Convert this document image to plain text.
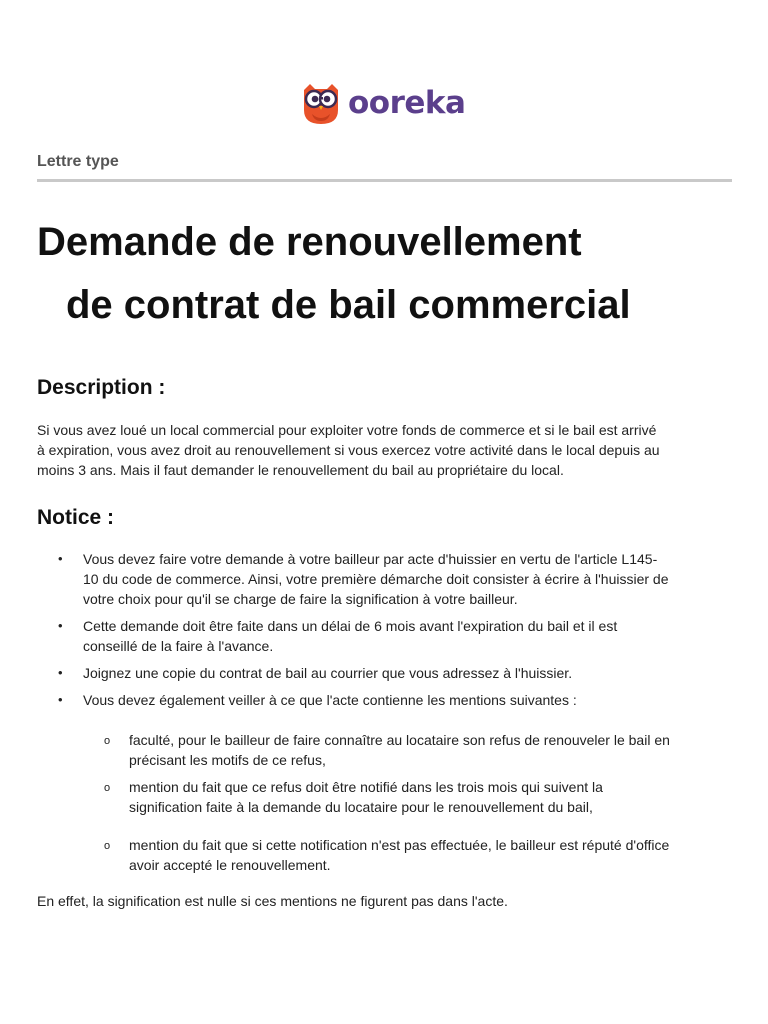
ooreka
Lettre type
Demande de renouvellement
de contrat de bail commercial
Description :

Si vous avez loué un local commercial pour exploiter votre fonds de commerce et si le bail est arrivé
à expiration, vous avez droit au renouvellement si vous exercez votre activité dans le local depuis au
moins 3 ans. Mais il faut demander le renouvellement du bail au propriétaire du local.

Notice :
• Vous devez faire votre demande à votre bailleur par acte d'huissier en vertu de l'article L145-
10 du code de commerce. Ainsi, votre première démarche doit consister à écrire à l'huissier de
votre choix pour qu'il se charge de faire la signification à votre bailleur.
• Cette demande doit être faite dans un délai de 6 mois avant l'expiration du bail et il est
conseillé de la faire à l'avance.
• Joignez une copie du contrat de bail au courrier que vous adressez à l'huissier.
• Vous devez également veiller à ce que l'acte contienne les mentions suivantes :
o faculté, pour le bailleur de faire connaître au locataire son refus de renouveler le bail en
précisant les motifs de ce refus,
o mention du fait que ce refus doit être notifié dans les trois mois qui suivent la
signification faite à la demande du locataire pour le renouvellement du bail,
o mention du fait que si cette notification n'est pas effectuée, le bailleur est réputé d'office
avoir accepté le renouvellement.

En effet, la signification est nulle si ces mentions ne figurent pas dans l'acte.
